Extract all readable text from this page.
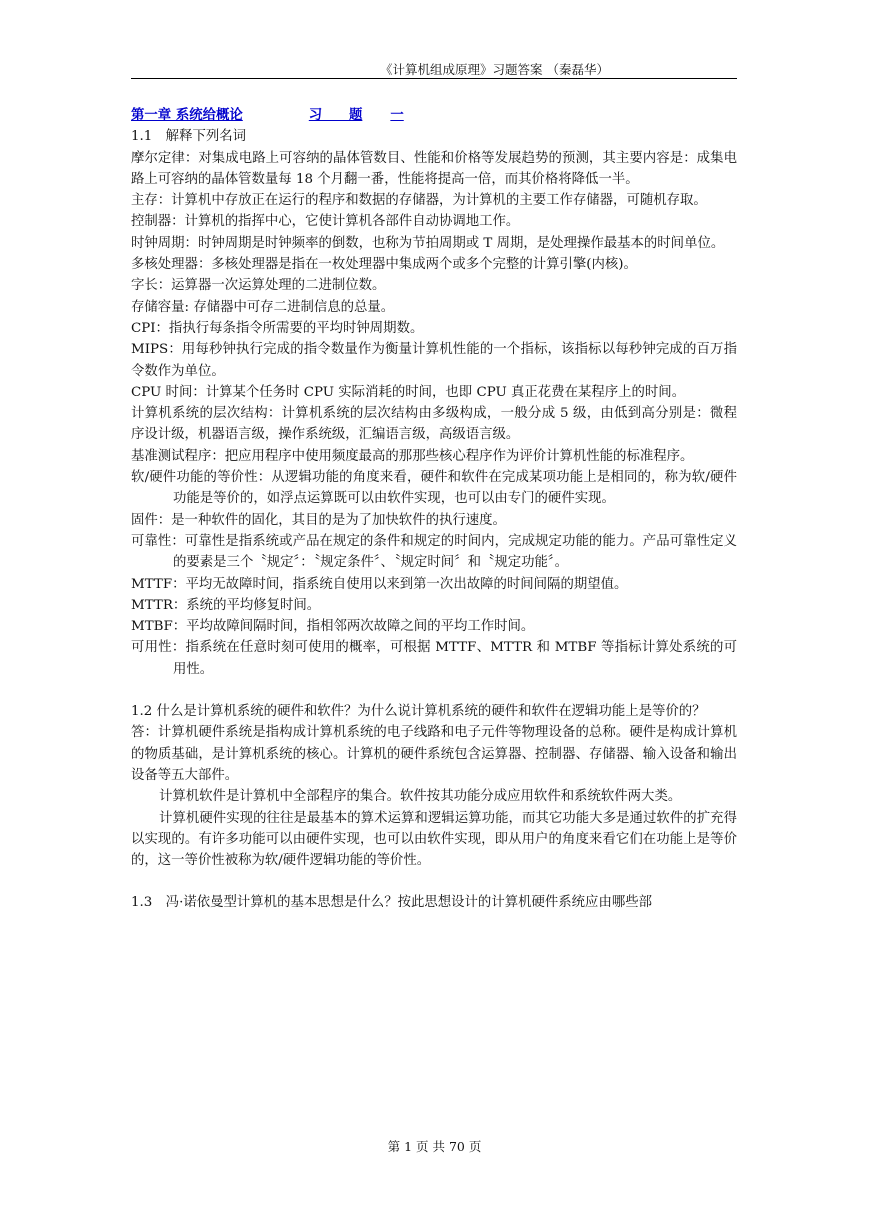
《计算机组成原理》习题答案 （秦磊华）
第一章 系统给概论	习　　题 一

1.1　解释下列名词

摩尔定律：对集成电路上可容纳的晶体管数目、性能和价格等发展趋势的预测，其主要内容是：成集电路上可容纳的晶体管数量每 18 个月翻一番，性能将提高一倍，而其价格将降低一半。

主存：计算机中存放正在运行的程序和数据的存储器，为计算机的主要工作存储器，可随机存取。

控制器：计算机的指挥中心，它使计算机各部件自动协调地工作。

时钟周期：时钟周期是时钟频率的倒数，也称为节拍周期或 T 周期，是处理操作最基本的时间单位。

多核处理器：多核处理器是指在一枚处理器中集成两个或多个完整的计算引擎(内核)。

字长：运算器一次运算处理的二进制位数。

存储容量: 存储器中可存二进制信息的总量。

CPI：指执行每条指令所需要的平均时钟周期数。

MIPS：用每秒钟执行完成的指令数量作为衡量计算机性能的一个指标，该指标以每秒钟完成的百万指令数作为单位。

CPU 时间：计算某个任务时 CPU 实际消耗的时间，也即 CPU 真正花费在某程序上的时间。

计算机系统的层次结构：计算机系统的层次结构由多级构成，一般分成 5 级，由低到高分别是：微程序设计级，机器语言级，操作系统级，汇编语言级，高级语言级。

基准测试程序：把应用程序中使用频度最高的那那些核心程序作为评价计算机性能的标准程序。

软/硬件功能的等价性：从逻辑功能的角度来看，硬件和软件在完成某项功能上是相同的，称为软/硬件功能是等价的，如浮点运算既可以由软件实现，也可以由专门的硬件实现。

固件：是一种软件的固化，其目的是为了加快软件的执行速度。

可靠性：可靠性是指系统或产品在规定的条件和规定的时间内，完成规定功能的能力。产品可靠性定义的要素是三个〝规定〞：〝规定条件〞、〝规定时间〞和〝规定功能〞。

MTTF：平均无故障时间，指系统自使用以来到第一次出故障的时间间隔的期望值。

MTTR：系统的平均修复时间。

MTBF：平均故障间隔时间，指相邻两次故障之间的平均工作时间。

可用性：指系统在任意时刻可使用的概率，可根据 MTTF、MTTR 和 MTBF 等指标计算处系统的可用性。

1.2 什么是计算机系统的硬件和软件？为什么说计算机系统的硬件和软件在逻辑功能上是等价的？

答：计算机硬件系统是指构成计算机系统的电子线路和电子元件等物理设备的总称。硬件是构成计算机的物质基础，是计算机系统的核心。计算机的硬件系统包含运算器、控制器、存储器、输入设备和输出设备等五大部件。

计算机软件是计算机中全部程序的集合。软件按其功能分成应用软件和系统软件两大类。

计算机硬件实现的往往是最基本的算术运算和逻辑运算功能，而其它功能大多是通过软件的扩充得以实现的。有许多功能可以由硬件实现，也可以由软件实现，即从用户的角度来看它们在功能上是等价的，这一等价性被称为软/硬件逻辑功能的等价性。

1.3　冯·诺依曼型计算机的基本思想是什么？按此思想设计的计算机硬件系统应由哪些部

第 1 页 共 70 页
